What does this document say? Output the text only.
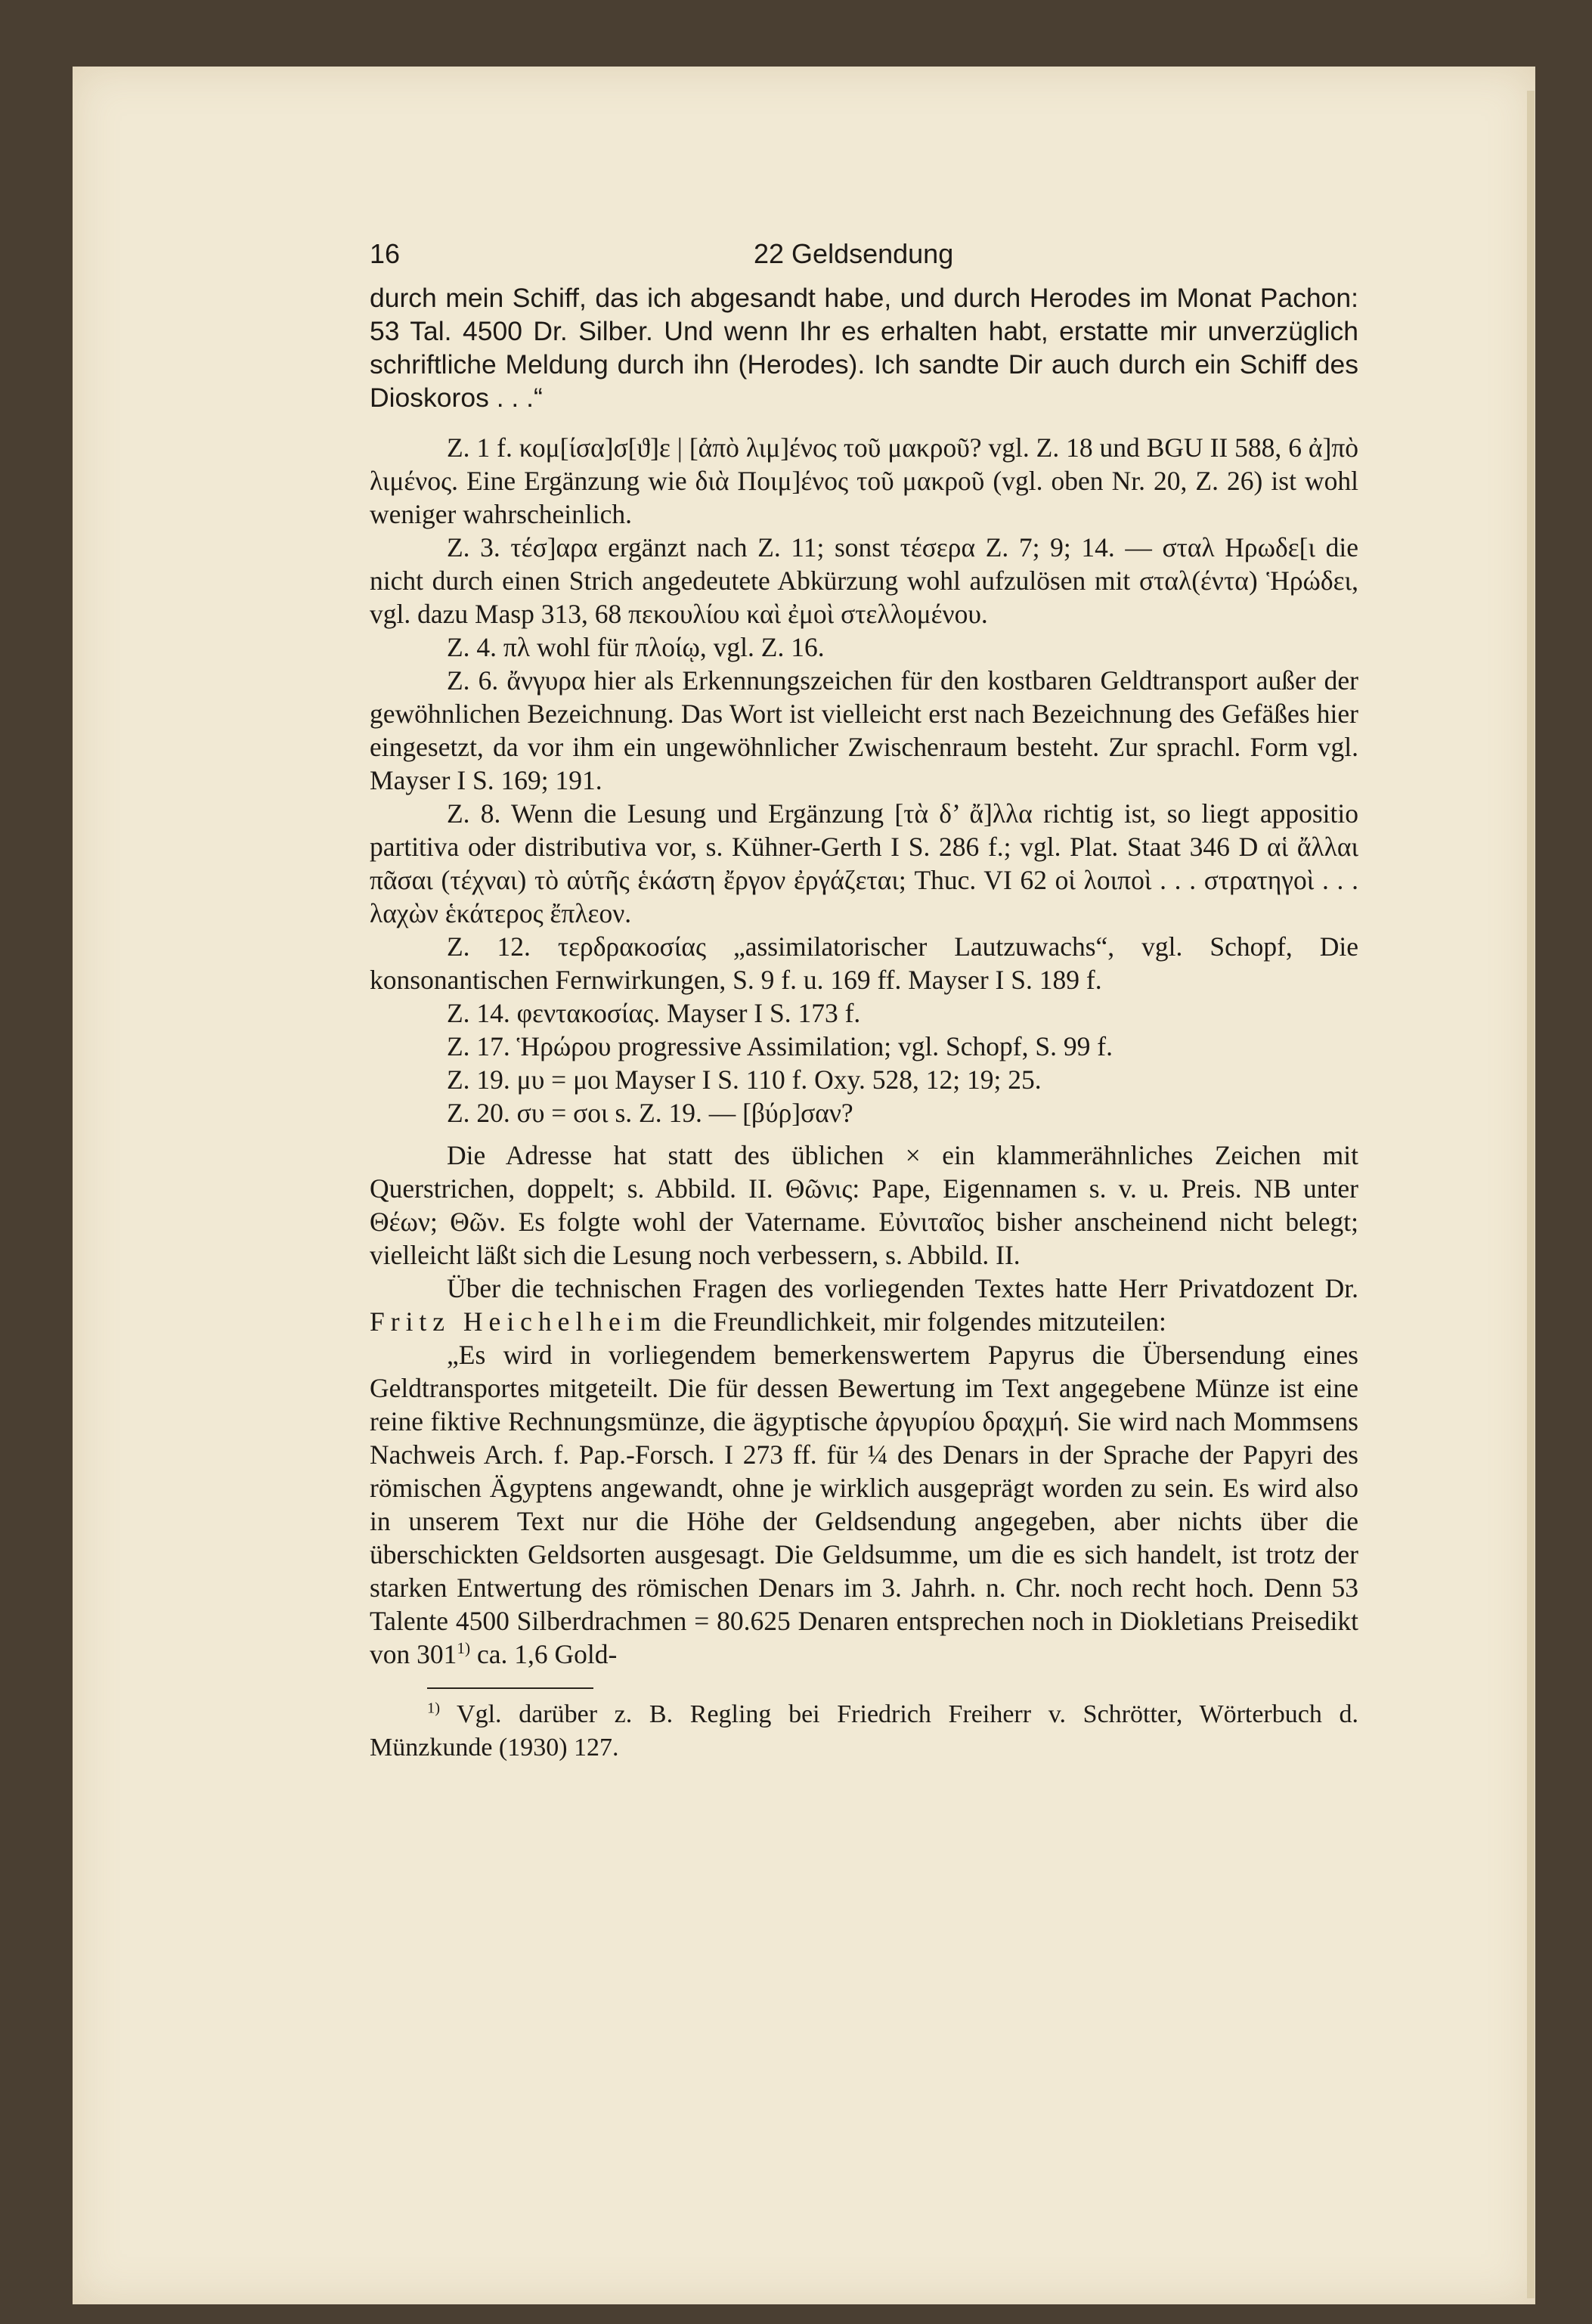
16	22 Geldsendung

durch mein Schiff, das ich abgesandt habe, und durch Herodes im Monat Pachon: 53 Tal. 4500 Dr. Silber. Und wenn Ihr es erhalten habt, erstatte mir unverzüglich schriftliche Meldung durch ihn (Herodes). Ich sandte Dir auch durch ein Schiff des Dioskoros . . .“

Z. 1 f. κομ[ίσα]σ[ϑ]ε | [ἀπὸ λιμ]ένος τοῦ μακροῦ? vgl. Z. 18 und BGU II 588, 6 ἀ]πὸ λιμένος. Eine Ergänzung wie διὰ Ποιμ]ένος τοῦ μακροῦ (vgl. oben Nr. 20, Z. 26) ist wohl weniger wahrscheinlich.

Z. 3. τέσ]αρα ergänzt nach Z. 11; sonst τέσερα Z. 7; 9; 14. — σταλ Ηρωδε[ι die nicht durch einen Strich angedeutete Abkürzung wohl aufzulösen mit σταλ(έντα) Ἡρώδει, vgl. dazu Masp 313, 68 πεκουλίου καὶ ἐμοὶ στελλομένου.

Z. 4. πλ wohl für πλοίῳ, vgl. Z. 16.

Z. 6. ἄνγυρα hier als Erkennungszeichen für den kostbaren Geldtransport außer der gewöhnlichen Bezeichnung. Das Wort ist vielleicht erst nach Bezeichnung des Gefäßes hier eingesetzt, da vor ihm ein ungewöhnlicher Zwischenraum besteht. Zur sprachl. Form vgl. Mayser I S. 169; 191.

Z. 8. Wenn die Lesung und Ergänzung [τὰ δ’ ἄ]λλα richtig ist, so liegt appositio partitiva oder distributiva vor, s. Kühner-Gerth I S. 286 f.; vgl. Plat. Staat 346 D αἱ ἄλλαι πᾶσαι (τέχναι) τὸ αὑτῆς ἑκάστη ἔργον ἐργάζεται; Thuc. VI 62 οἱ λοιποὶ . . . στρατηγοὶ . . . λαχὼν ἑκάτερος ἔπλεον.

Z. 12. τερδρακοσίας „assimilatorischer Lautzuwachs“, vgl. Schopf, Die konsonantischen Fernwirkungen, S. 9 f. u. 169 ff. Mayser I S. 189 f.

Z. 14. φεντακοσίας. Mayser I S. 173 f.

Z. 17. Ἡρώρου progressive Assimilation; vgl. Schopf, S. 99 f.

Z. 19. μυ = μοι Mayser I S. 110 f. Oxy. 528, 12; 19; 25.

Z. 20. συ = σοι s. Z. 19. — [βύρ]σαν?

Die Adresse hat statt des üblichen × ein klammerähnliches Zeichen mit Querstrichen, doppelt; s. Abbild. II. Θῶνις: Pape, Eigennamen s. v. u. Preis. NB unter Θέων; Θῶν. Es folgte wohl der Vatername. Εὐνιταῖος bisher anscheinend nicht belegt; vielleicht läßt sich die Lesung noch verbessern, s. Abbild. II.

Über die technischen Fragen des vorliegenden Textes hatte Herr Privatdozent Dr. Fritz Heichelheim die Freundlichkeit, mir folgendes mitzuteilen:

„Es wird in vorliegendem bemerkenswertem Papyrus die Übersendung eines Geldtransportes mitgeteilt. Die für dessen Bewertung im Text angegebene Münze ist eine reine fiktive Rechnungsmünze, die ägyptische ἀργυρίου δραχμή. Sie wird nach Mommsens Nachweis Arch. f. Pap.-Forsch. I 273 ff. für ¼ des Denars in der Sprache der Papyri des römischen Ägyptens angewandt, ohne je wirklich ausgeprägt worden zu sein. Es wird also in unserem Text nur die Höhe der Geldsendung angegeben, aber nichts über die überschickten Geldsorten ausgesagt. Die Geldsumme, um die es sich handelt, ist trotz der starken Entwertung des römischen Denars im 3. Jahrh. n. Chr. noch recht hoch. Denn 53 Talente 4500 Silberdrachmen = 80.625 Denaren entsprechen noch in Diokletians Preisedikt von 301$^{1)}$ ca. 1,6 Gold-

$^{1)}$ Vgl. darüber z. B. Regling bei Friedrich Freiherr v. Schrötter, Wörterbuch d. Münzkunde (1930) 127.
